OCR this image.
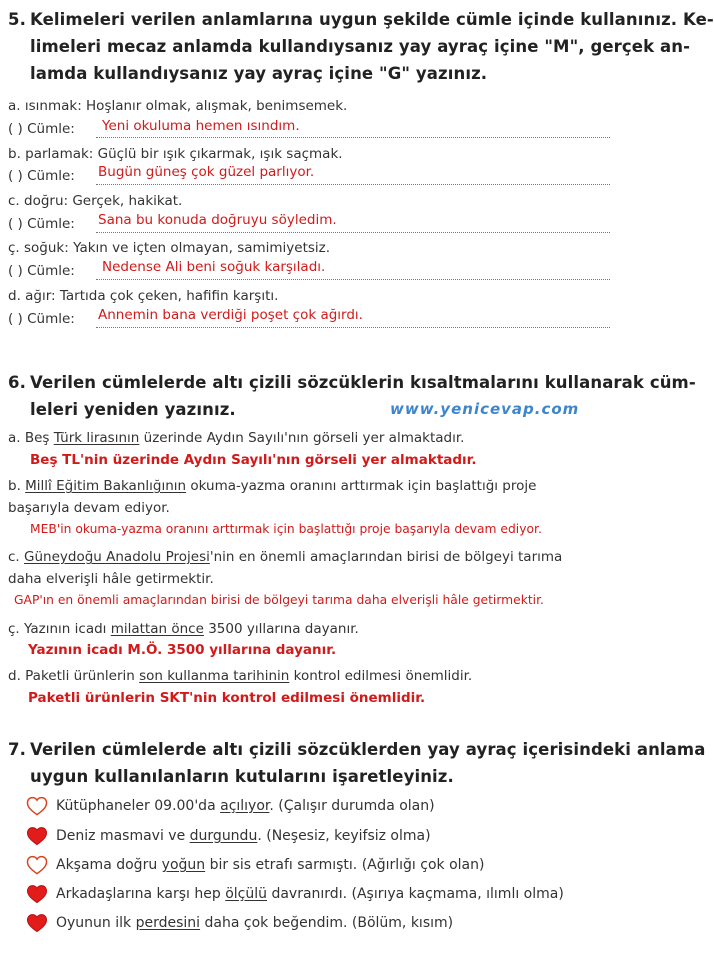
5. Kelimeleri verilen anlamlarına uygun şekilde cümle içinde kullanınız. Ke-
limeleri mecaz anlamda kullandıysanız yay ayraç içine "M", gerçek an-
lamda kullandıysanız yay ayraç içine "G" yazınız.
a. ısınmak: Hoşlanır olmak, alışmak, benimsemek.
( ) Cümle: Yeni okuluma hemen ısındım.
b. parlamak: Güçlü bir ışık çıkarmak, ışık saçmak.
( ) Cümle: Bugün güneş çok güzel parlıyor.
c. doğru: Gerçek, hakikat.
( ) Cümle: Sana bu konuda doğruyu söyledim.
ç. soğuk: Yakın ve içten olmayan, samimiyetsiz.
( ) Cümle: Nedense Ali beni soğuk karşıladı.
d. ağır: Tartıda çok çeken, hafifin karşıtı.
( ) Cümle: Annemin bana verdiği poşet çok ağırdı.
6. Verilen cümlelerde altı çizili sözcüklerin kısaltmalarını kullanarak cüm-
leleri yeniden yazınız.	www.yenicevap.com
a. Beş Türk lirasının üzerinde Aydın Sayılı'nın görseli yer almaktadır.
Beş TL'nin üzerinde Aydın Sayılı'nın görseli yer almaktadır.
b. Millî Eğitim Bakanlığının okuma-yazma oranını arttırmak için başlattığı proje
başarıyla devam ediyor.
MEB'in okuma-yazma oranını arttırmak için başlattığı proje başarıyla devam ediyor.
c. Güneydoğu Anadolu Projesi'nin en önemli amaçlarından birisi de bölgeyi tarıma
daha elverişli hâle getirmektir.
GAP'ın en önemli amaçlarından birisi de bölgeyi tarıma daha elverişli hâle getirmektir.
ç. Yazının icadı milattan önce 3500 yıllarına dayanır.
Yazının icadı M.Ö. 3500 yıllarına dayanır.
d. Paketli ürünlerin son kullanma tarihinin kontrol edilmesi önemlidir.
Paketli ürünlerin SKT'nin kontrol edilmesi önemlidir.
7. Verilen cümlelerde altı çizili sözcüklerden yay ayraç içerisindeki anlama
uygun kullanılanların kutularını işaretleyiniz.
Kütüphaneler 09.00'da açılıyor. (Çalışır durumda olan)
Deniz masmavi ve durgundu. (Neşesiz, keyifsiz olma)
Akşama doğru yoğun bir sis etrafı sarmıştı. (Ağırlığı çok olan)
Arkadaşlarına karşı hep ölçülü davranırdı. (Aşırıya kaçmama, ılımlı olma)
Oyunun ilk perdesini daha çok beğendim. (Bölüm, kısım)
